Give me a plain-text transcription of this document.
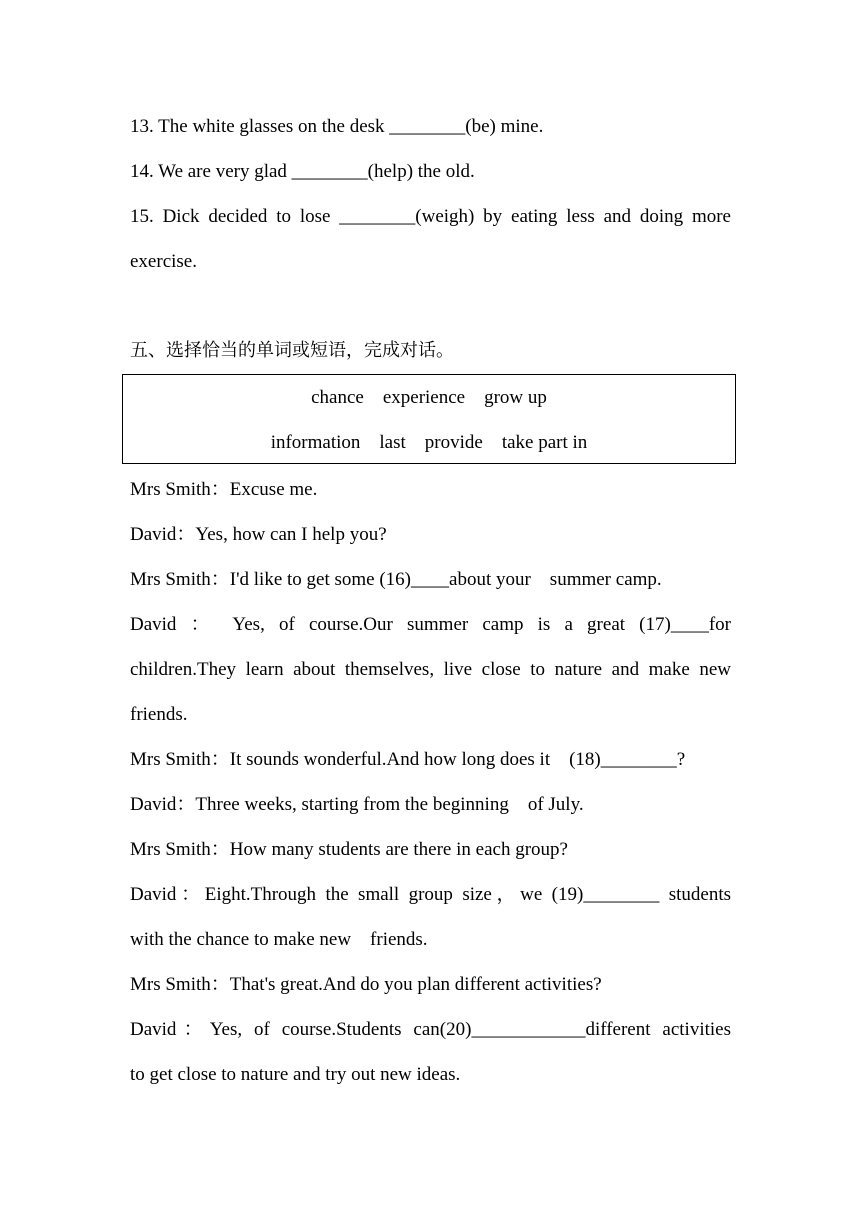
13. The white glasses on the desk ________(be) mine.
14. We are very glad ________(help) the old.
15. Dick decided to lose ________(weigh) by eating less and doing more
exercise.
五、选择恰当的单词或短语，完成对话。
chance    experience    grow up
information    last    provide    take part in
Mrs Smith：Excuse me.
David：Yes, how can I help you?
Mrs Smith：I'd like to get some (16)____about your    summer camp.
David ： Yes, of course.Our summer camp is a great (17)____for
children.They learn about themselves, live close to nature and make new
friends.
Mrs Smith：It sounds wonderful.And how long does it    (18)________?
David：Three weeks, starting from the beginning    of July.
Mrs Smith：How many students are there in each group?
David：Eight.Through the small group size，we (19)________ students
with the chance to make new    friends.
Mrs Smith：That's great.And do you plan different activities?
David：Yes, of course.Students can(20)____________different activities
to get close to nature and try out new ideas.
